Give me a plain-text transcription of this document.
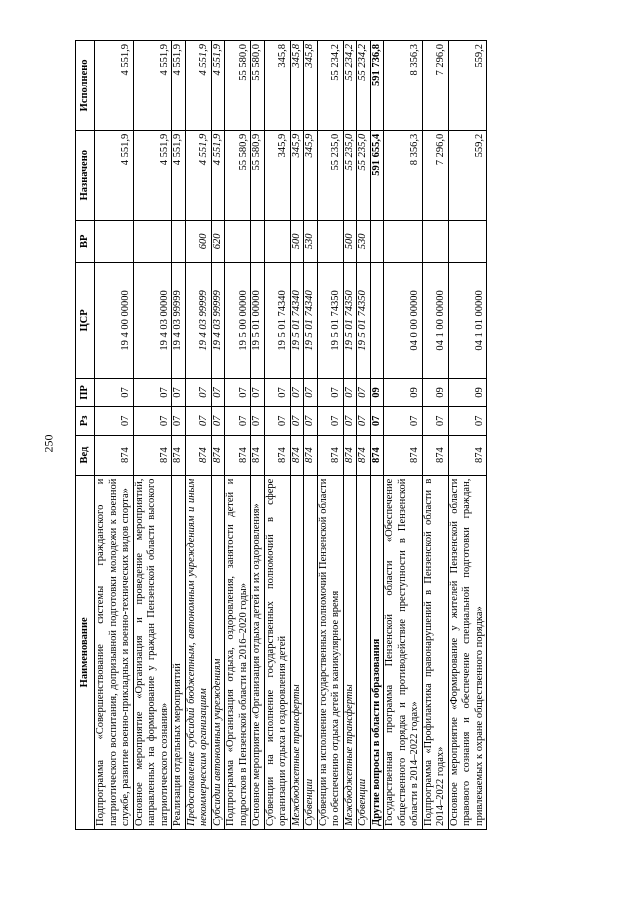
250
Наименование	Вед	Рз	ПР	ЦСР	ВР	Назначено	Исполнено
Подпрограмма «Совершенствование системы гражданского и патриотического воспитания, допризывной подготовки молодежи к военной службе, развитие военно-прикладных и военно-технических видов спорта»	874	07	07	19 4 00 00000		4 551,9	4 551,9
Основное мероприятие «Организация и проведение мероприятий, направленных на формирование у граждан Пензенской области высокого патриотического сознания»	874	07	07	19 4 03 00000		4 551,9	4 551,9
Реализация отдельных мероприятий	874	07	07	19 4 03 99999		4 551,9	4 551,9
Предоставление субсидий бюджетным, автономным учреждениям и иным некоммерческим организациям	874	07	07	19 4 03 99999	600	4 551,9	4 551,9
Субсидии автономным учреждениям	874	07	07	19 4 03 99999	620	4 551,9	4 551,9
Подпрограмма «Организация отдыха, оздоровления, занятости детей и подростков в Пензенской области на 2016–2020 годы»	874	07	07	19 5 00 00000		55 580,9	55 580,0
Основное мероприятие «Организация отдыха детей и их оздоровления»	874	07	07	19 5 01 00000		55 580,9	55 580,0
Субвенции на исполнение государственных полномочий в сфере организации отдыха и оздоровления детей	874	07	07	19 5 01 74340		345,9	345,8
Межбюджетные трансферты	874	07	07	19 5 01 74340	500	345,9	345,8
Субвенции	874	07	07	19 5 01 74340	530	345,9	345,8
Субвенции на исполнение государственных полномочий Пензенской области по обеспечению отдыха детей в каникулярное время	874	07	07	19 5 01 74350		55 235,0	55 234,2
Межбюджетные трансферты	874	07	07	19 5 01 74350	500	55 235,0	55 234,2
Субвенции	874	07	07	19 5 01 74350	530	55 235,0	55 234,2
Другие вопросы в области образования	874	07	09			591 655,4	591 736,8
Государственная программа Пензенской области «Обеспечение общественного порядка и противодействие преступности в Пензенской области в 2014–2022 годах»	874	07	09	04 0 00 00000		8 356,3	8 356,3
Подпрограмма «Профилактика правонарушений в Пензенской области в 2014–2022 годах»	874	07	09	04 1 00 00000		7 296,0	7 296,0
Основное мероприятие «Формирование у жителей Пензенской области правового сознания и обеспечение специальной подготовки граждан, привлекаемых к охране общественного порядка»	874	07	09	04 1 01 00000		559,2	559,2
